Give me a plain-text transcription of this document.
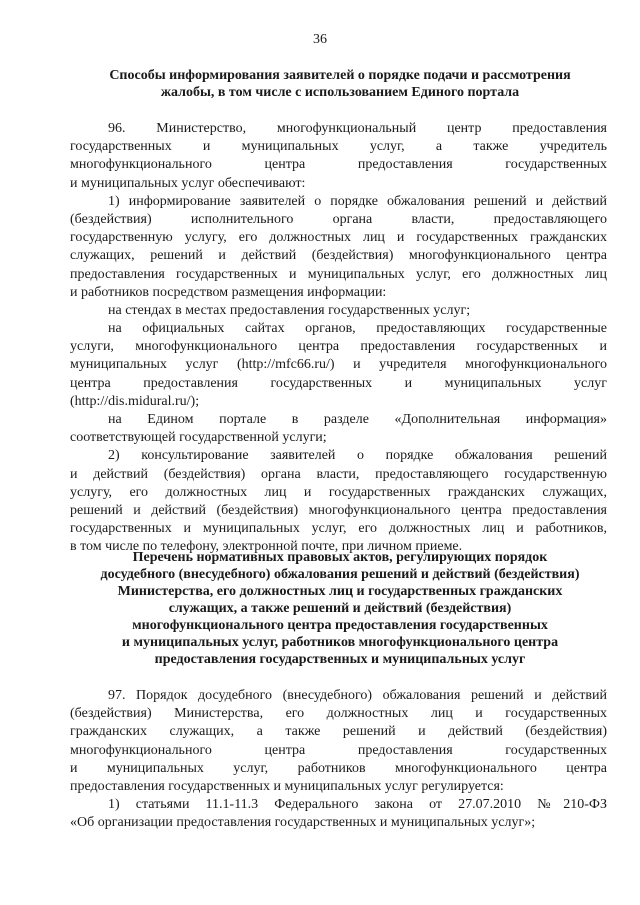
36
Способы информирования заявителей о порядке подачи и рассмотрения
жалобы, в том числе с использованием Единого портала
96. Министерство, многофункциональный центр предоставления
государственных и муниципальных услуг, а также учредитель
многофункционального центра предоставления государственных
и муниципальных услуг обеспечивают:
1) информирование заявителей о порядке обжалования решений и действий
(бездействия) исполнительного органа власти, предоставляющего
государственную услугу, его должностных лиц и государственных гражданских
служащих, решений и действий (бездействия) многофункционального центра
предоставления государственных и муниципальных услуг, его должностных лиц
и работников посредством размещения информации:
на стендах в местах предоставления государственных услуг;
на официальных сайтах органов, предоставляющих государственные
услуги, многофункционального центра предоставления государственных и
муниципальных услуг (http://mfc66.ru/) и учредителя многофункционального
центра предоставления государственных и муниципальных услуг
(http://dis.midural.ru/);
на Едином портале в разделе «Дополнительная информация»
соответствующей государственной услуги;
2) консультирование заявителей о порядке обжалования решений
и действий (бездействия) органа власти, предоставляющего государственную
услугу, его должностных лиц и государственных гражданских служащих,
решений и действий (бездействия) многофункционального центра предоставления
государственных и муниципальных услуг, его должностных лиц и работников,
в том числе по телефону, электронной почте, при личном приеме.
Перечень нормативных правовых актов, регулирующих порядок
досудебного (внесудебного) обжалования решений и действий (бездействия)
Министерства, его должностных лиц и государственных гражданских
служащих, а также решений и действий (бездействия)
многофункционального центра предоставления государственных
и муниципальных услуг, работников многофункционального центра
предоставления государственных и муниципальных услуг
97. Порядок досудебного (внесудебного) обжалования решений и действий
(бездействия) Министерства, его должностных лиц и государственных
гражданских служащих, а также решений и действий (бездействия)
многофункционального центра предоставления государственных
и муниципальных услуг, работников многофункционального центра
предоставления государственных и муниципальных услуг регулируется:
1) статьями 11.1-11.3 Федерального закона от 27.07.2010 №210-ФЗ
«Об организации предоставления государственных и муниципальных услуг»;
